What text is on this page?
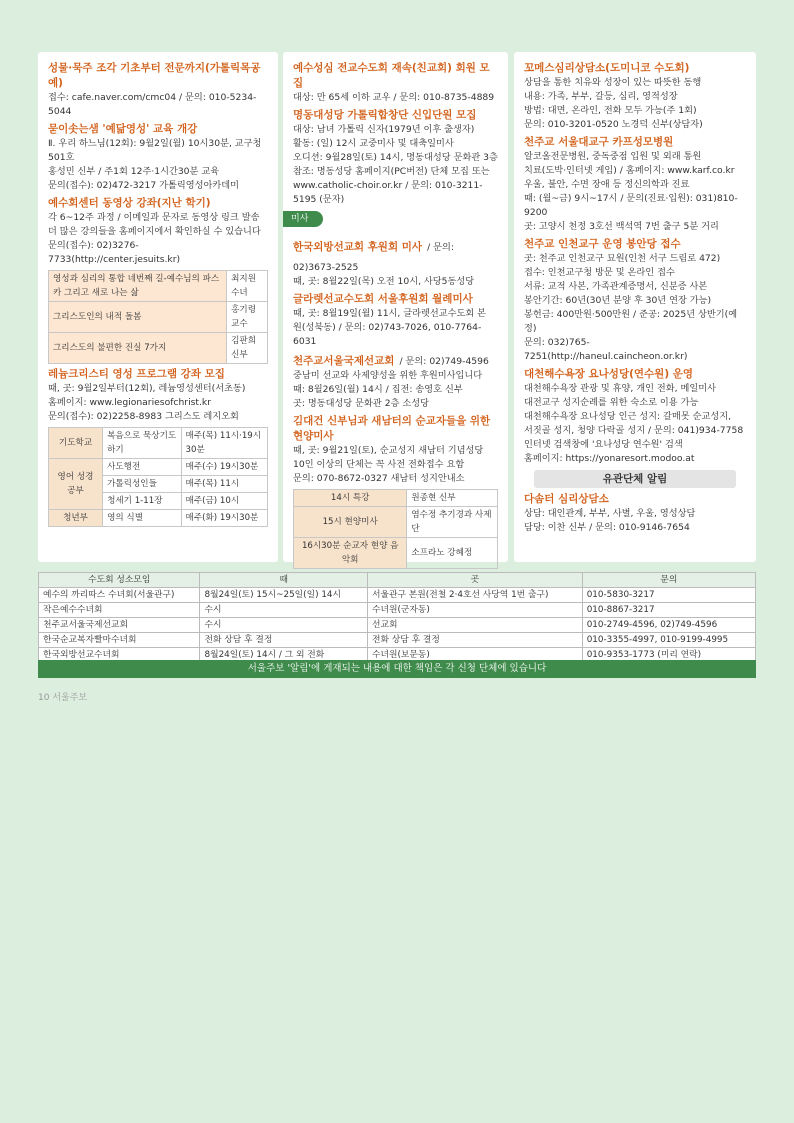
성물·묵주 조각 기초부터 전문까지(가톨릭목공예)
접수: cafe.naver.com/cmc04 / 문의: 010-5234-5044
묻이솟는샘 '예닮영성' 교육 개강
Ⅱ. 우리 하느님(12회): 9월2일(월) 10시30분, 교구청 501호
홍성민 신부 / 주1회 12주·1시간30분 교육
문의(접수): 02)472-3217 가톨릭영성아카데미
예수회센터 동영상 강좌(지난 학기)
각 6~12주 과정 / 이메일과 문자로 동영상 링크 발송
더 많은 강의들을 홈페이지에서 확인하실 수 있습니다
문의(접수): 02)3276-7733(http://center.jesuits.kr)
영성과 심리의 통합 네번째 길-예수님의 파스카 그리고 새로 나는 삶	최지원 수녀
그리스도인의 내적 돌봄	홍기령 교수
그리스도의 불편한 진실 7가지	김판희 신부
레늄크리스티 영성 프로그램 강좌 모집
때, 곳: 9월2일부터(12회), 레늄영성센터(서초동)
홈페이지: www.legionariesofchrist.kr
문의(접수): 02)2258-8983 그리스도 레지오회
기도학교	복음으로 묵상기도하기	매주(목) 11시·19시30분
영어 성경 공부	사도행전	매주(수) 19시30분
	가톨릭성인들	매주(목) 11시
	청세기 1-11장	매주(금) 10시
청년부	영의 식별	매주(화) 19시30분
예수성심 전교수도회 재속(친교회) 회원 모집
대상: 만 65세 이하 교우 / 문의: 010-8735-4889
명동대성당 가톨릭합창단 신입단원 모집
대상: 남녀 가톨릭 신자(1979년 이후 출생자)
활동: (일) 12시 교중미사 및 대축일미사
오디션: 9월28일(토) 14시, 명동대성당 문화관 3층
참조: 명동성당 홈페이지(PC버전) 단체 모집 또는
www.catholic-choir.or.kr / 문의: 010-3211-5195 (문자)
미사
한국외방선교회 후원회 미사 / 문의: 02)3673-2525
때, 곳: 8월22일(목) 오전 10시, 사당5동성당
글라렛선교수도회 서울후원회 월례미사
때, 곳: 8월19일(월) 11시, 글라렛선교수도회 본
원(성북동) / 문의: 02)743-7026, 010-7764-6031
천주교서울국제선교회 / 문의: 02)749-4596
중남미 선교와 사제양성을 위한 후원미사입니다
때: 8월26일(월) 14시 / 집전: 송영호 신부
곳: 명동대성당 문화관 2층 소성당
김대건 신부님과 새남터의 순교자들을 위한 현양미사
때, 곳: 9월21일(토), 순교성지 새남터 기념성당
10인 이상의 단체는 꼭 사전 전화접수 요함
문의: 070-8672-0327 새남터 성지안내소
14시 특강	원종현 신부
15시 현양미사	염수정 추기경과 사제단
16시30분 순교자 현양 음악회	소프라노 강혜정
꼬메스심리상담소(도미니코 수도회)
상담을 통한 치유와 성장이 있는 따뜻한 동행
내용: 가족, 부부, 갈등, 심리, 영적성장
방법: 대면, 온라인, 전화 모두 가능(주 1회)
문의: 010-3201-0520 노경덕 신부(상담자)
천주교 서울대교구 카프성모병원
알코올전문병원, 중독중점 입원 및 외래 통원
치료(도박·인터넷 게임) / 홈페이지: www.karf.co.kr
우울, 불안, 수면 장애 등 정신의학과 진료
때: (월~금) 9시~17시 / 문의(진료·입원): 031)810-9200
곳: 고양시 천정 3호선 백석역 7번 출구 5분 거리
천주교 인천교구 운영 봉안당 접수
곳: 천주교 인천교구 묘원(인천 서구 드림로 472)
접수: 인천교구청 방문 및 온라인 접수
서류: 교적 사본, 가족관계증명서, 신분증 사본
봉안기간: 60년(30년 분양 후 30년 연장 가능)
봉헌금: 400만원·500만원 / 준공: 2025년 상반기(예정)
문의: 032)765-7251(http://haneul.caincheon.or.kr)
대천해수욕장 요나성당(연수원) 운영
대천해수욕장 관광 및 휴양, 개인 전화, 메일미사
대전교구 성지순례를 위한 숙소로 이용 가능
대천해수욕장 요나성당 인근 성지: 갈매못 순교성지,
서짓골 성지, 청양 다락골 성지 / 문의: 041)934-7758
인터넷 검색창에 '요나성당 연수원' 검색
홈페이지: https://yonaresort.modoo.at
유관단체 알림
다솜터 심리상담소
상담: 대인관계, 부부, 사별, 우울, 영성상담
담당: 이찬 신부 / 문의: 010-9146-7654
수도회 성소모임	때	곳	문의
예수의 까리따스 수녀회(서울관구)	8월24일(토) 15시~25일(일) 14시	서울관구 본원(전철 2·4호선 사당역 1번 출구)	010-5830-3217
작은예수수녀회	수시	수녀원(군자동)	010-8867-3217
천주교서울국제선교회	수시	선교회	010-2749-4596, 02)749-4596
한국순교복자빨마수녀회	전화 상담 후 결정	전화 상담 후 결정	010-3355-4997, 010-9199-4995
한국외방선교수녀회	8월24일(토) 14시 / 그 외 전화	수녀원(보문동)	010-9353-1773 (미리 연락)
서울주보 '알림'에 게재되는 내용에 대한 책임은 각 신청 단체에 있습니다
10 서울주보
